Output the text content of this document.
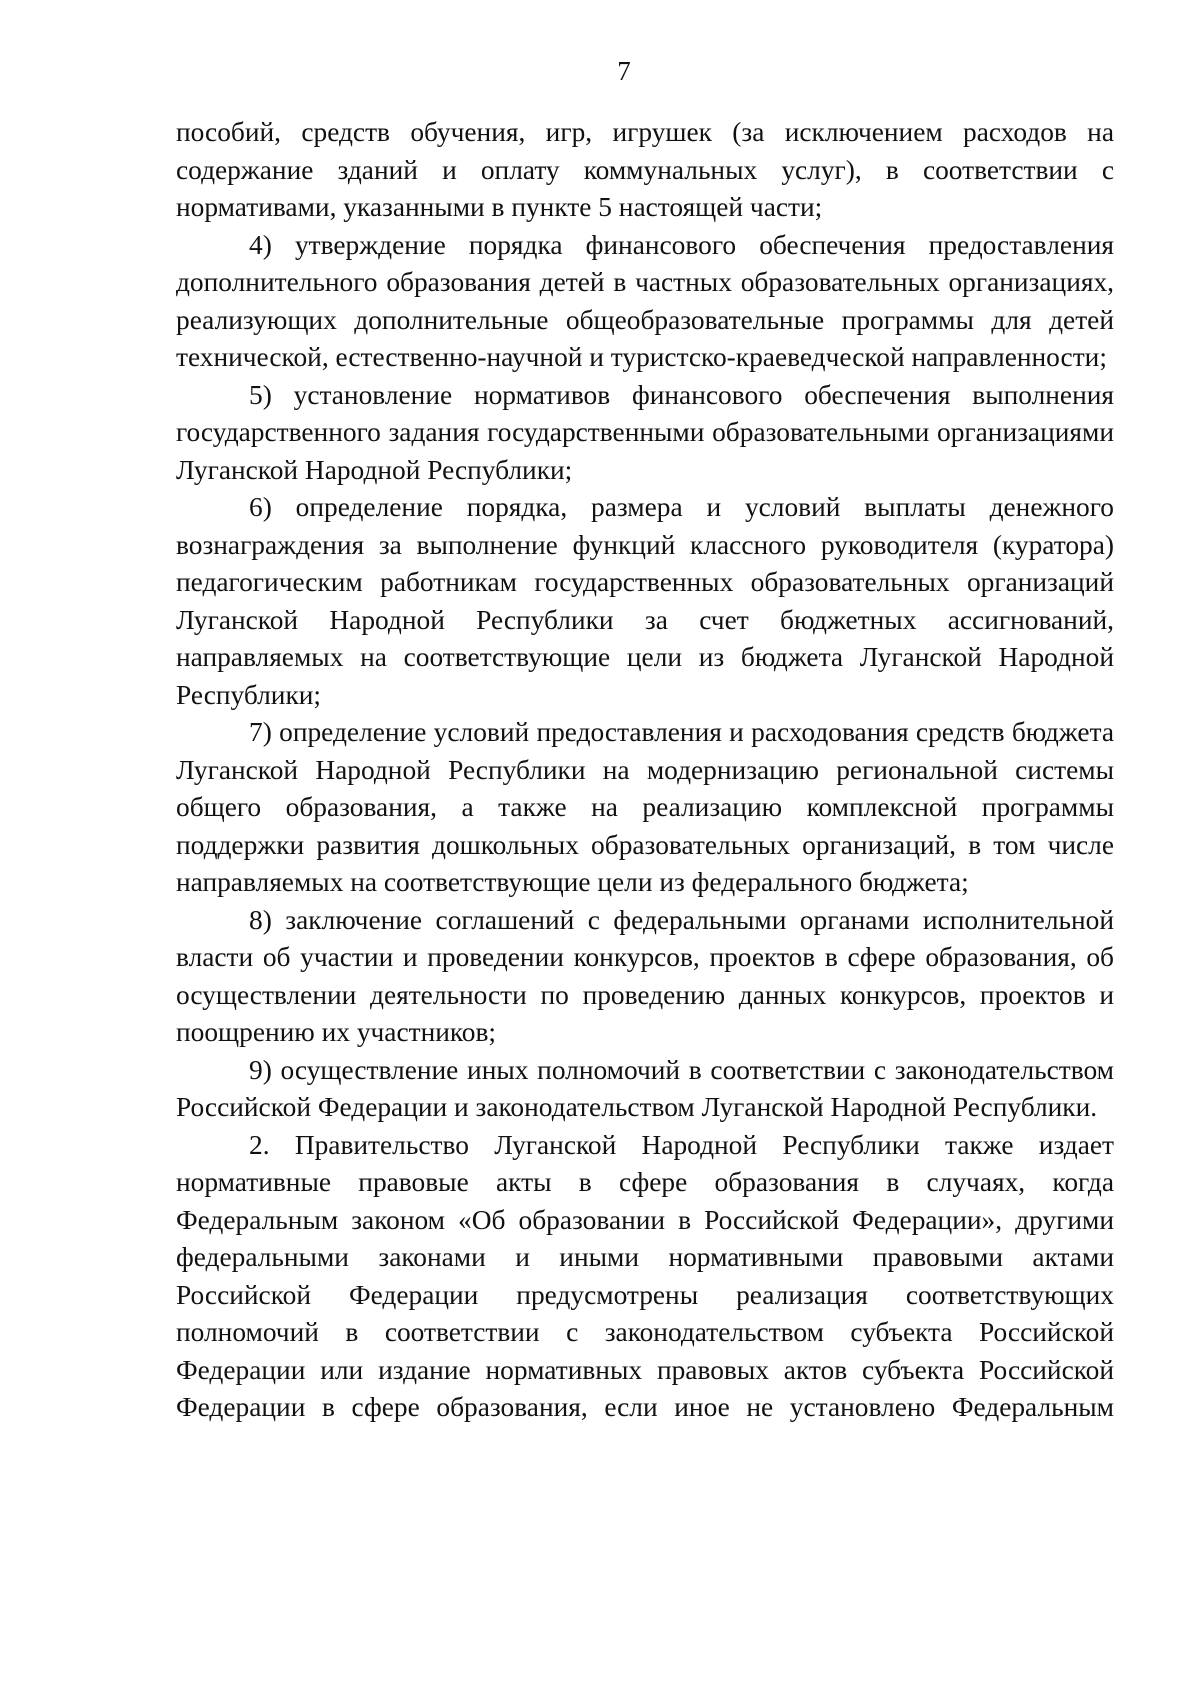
7

пособий, средств обучения, игр, игрушек (за исключением расходов на содержание зданий и оплату коммунальных услуг), в соответствии с нормативами, указанными в пункте 5 настоящей части;

4) утверждение порядка финансового обеспечения предоставления дополнительного образования детей в частных образовательных организациях, реализующих дополнительные общеобразовательные программы для детей технической, естественно-научной и туристско-краеведческой направленности;

5) установление нормативов финансового обеспечения выполнения государственного задания государственными образовательными организациями Луганской Народной Республики;

6) определение порядка, размера и условий выплаты денежного вознаграждения за выполнение функций классного руководителя (куратора) педагогическим работникам государственных образовательных организаций Луганской Народной Республики за счет бюджетных ассигнований, направляемых на соответствующие цели из бюджета Луганской Народной Республики;

7) определение условий предоставления и расходования средств бюджета Луганской Народной Республики на модернизацию региональной системы общего образования, а также на реализацию комплексной программы поддержки развития дошкольных образовательных организаций, в том числе направляемых на соответствующие цели из федерального бюджета;

8) заключение соглашений с федеральными органами исполнительной власти об участии и проведении конкурсов, проектов в сфере образования, об осуществлении деятельности по проведению данных конкурсов, проектов и поощрению их участников;

9) осуществление иных полномочий в соответствии с законодательством Российской Федерации и законодательством Луганской Народной Республики.

2. Правительство Луганской Народной Республики также издает нормативные правовые акты в сфере образования в случаях, когда Федеральным законом «Об образовании в Российской Федерации», другими федеральными законами и иными нормативными правовыми актами Российской Федерации предусмотрены реализация соответствующих полномочий в соответствии с законодательством субъекта Российской Федерации или издание нормативных правовых актов субъекта Российской Федерации в сфере образования, если иное не установлено Федеральным
